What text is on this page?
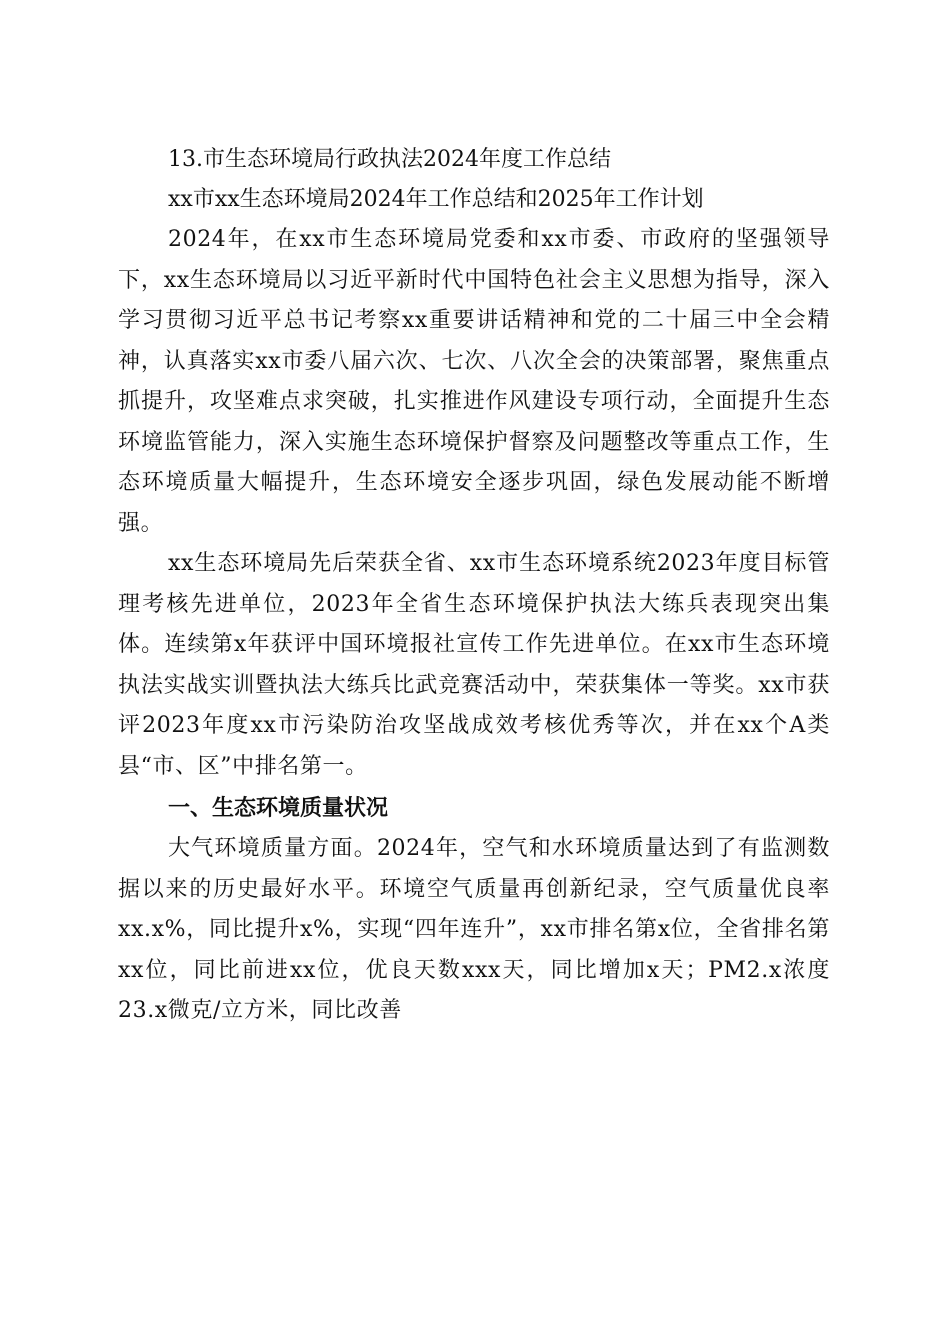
13.市生态环境局行政执法2024年度工作总结

xx市xx生态环境局2024年工作总结和2025年工作计划

2024年，在xx市生态环境局党委和xx市委、市政府的坚强领导下，xx生态环境局以习近平新时代中国特色社会主义思想为指导，深入学习贯彻习近平总书记考察xx重要讲话精神和党的二十届三中全会精神，认真落实xx市委八届六次、七次、八次全会的决策部署，聚焦重点抓提升，攻坚难点求突破，扎实推进作风建设专项行动，全面提升生态环境监管能力，深入实施生态环境保护督察及问题整改等重点工作，生态环境质量大幅提升，生态环境安全逐步巩固，绿色发展动能不断增强。

xx生态环境局先后荣获全省、xx市生态环境系统2023年度目标管理考核先进单位，2023年全省生态环境保护执法大练兵表现突出集体。连续第x年获评中国环境报社宣传工作先进单位。在xx市生态环境执法实战实训暨执法大练兵比武竞赛活动中，荣获集体一等奖。xx市获评2023年度xx市污染防治攻坚战成效考核优秀等次，并在xx个A类县“市、区”中排名第一。

一、生态环境质量状况

大气环境质量方面。2024年，空气和水环境质量达到了有监测数据以来的历史最好水平。环境空气质量再创新纪录，空气质量优良率xx.x%，同比提升x%，实现“四年连升”，xx市排名第x位，全省排名第xx位，同比前进xx位，优良天数xxx天，同比增加x天；PM2.x浓度23.x微克/立方米，同比改善
